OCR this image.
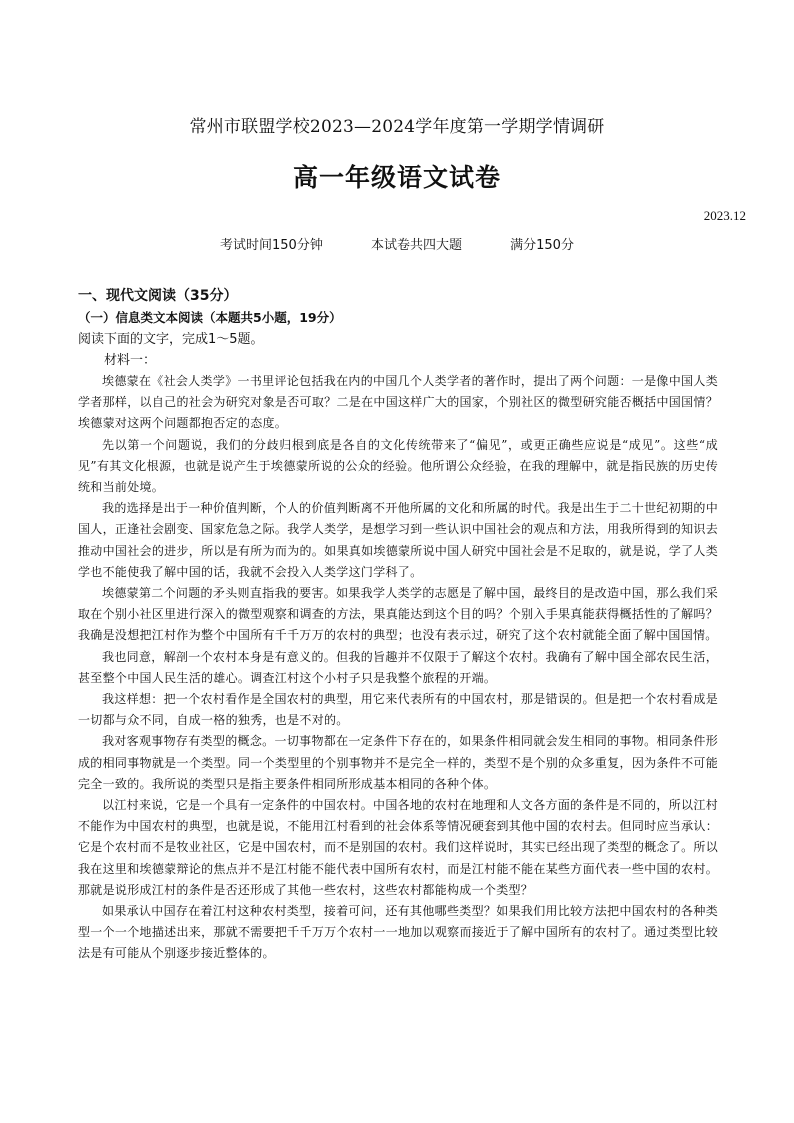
常州市联盟学校2023—2024学年度第一学期学情调研
高一年级语文试卷
2023.12
考试时间150分钟	本试卷共四大题	满分150分
一、现代文阅读（35分）
（一）信息类文本阅读（本题共5小题，19分）
阅读下面的文字，完成1～5题。
材料一：

埃德蒙在《社会人类学》一书里评论包括我在内的中国几个人类学者的著作时，提出了两个问题：一是像中国人类学者那样，以自己的社会为研究对象是否可取？二是在中国这样广大的国家，个别社区的微型研究能否概括中国国情？埃德蒙对这两个问题都抱否定的态度。

先以第一个问题说，我们的分歧归根到底是各自的文化传统带来了“偏见”，或更正确些应说是“成见”。这些“成见”有其文化根源，也就是说产生于埃德蒙所说的公众的经验。他所谓公众经验，在我的理解中，就是指民族的历史传统和当前处境。

我的选择是出于一种价值判断，个人的价值判断离不开他所属的文化和所属的时代。我是出生于二十世纪初期的中国人，正逢社会剧变、国家危急之际。我学人类学，是想学习到一些认识中国社会的观点和方法，用我所得到的知识去推动中国社会的进步，所以是有所为而为的。如果真如埃德蒙所说中国人研究中国社会是不足取的，就是说，学了人类学也不能使我了解中国的话，我就不会投入人类学这门学科了。

埃德蒙第二个问题的矛头则直指我的要害。如果我学人类学的志愿是了解中国，最终目的是改造中国，那么我们采取在个别小社区里进行深入的微型观察和调查的方法，果真能达到这个目的吗？个别入手果真能获得概括性的了解吗？我确是没想把江村作为整个中国所有千千万万的农村的典型；也没有表示过，研究了这个农村就能全面了解中国国情。

我也同意，解剖一个农村本身是有意义的。但我的旨趣并不仅限于了解这个农村。我确有了解中国全部农民生活，甚至整个中国人民生活的雄心。调查江村这个小村子只是我整个旅程的开端。

我这样想：把一个农村看作是全国农村的典型，用它来代表所有的中国农村，那是错误的。但是把一个农村看成是一切都与众不同，自成一格的独秀，也是不对的。

我对客观事物存有类型的概念。一切事物都在一定条件下存在的，如果条件相同就会发生相同的事物。相同条件形成的相同事物就是一个类型。同一个类型里的个别事物并不是完全一样的，类型不是个别的众多重复，因为条件不可能完全一致的。我所说的类型只是指主要条件相同所形成基本相同的各种个体。

以江村来说，它是一个具有一定条件的中国农村。中国各地的农村在地理和人文各方面的条件是不同的，所以江村不能作为中国农村的典型，也就是说，不能用江村看到的社会体系等情况硬套到其他中国的农村去。但同时应当承认：它是个农村而不是牧业社区，它是中国农村，而不是别国的农村。我们这样说时，其实已经出现了类型的概念了。所以我在这里和埃德蒙辩论的焦点并不是江村能不能代表中国所有农村，而是江村能不能在某些方面代表一些中国的农村。那就是说形成江村的条件是否还形成了其他一些农村，这些农村都能构成一个类型？

如果承认中国存在着江村这种农村类型，接着可问，还有其他哪些类型？如果我们用比较方法把中国农村的各种类型一个一个地描述出来，那就不需要把千千万万个农村一一地加以观察而接近于了解中国所有的农村了。通过类型比较法是有可能从个别逐步接近整体的。
